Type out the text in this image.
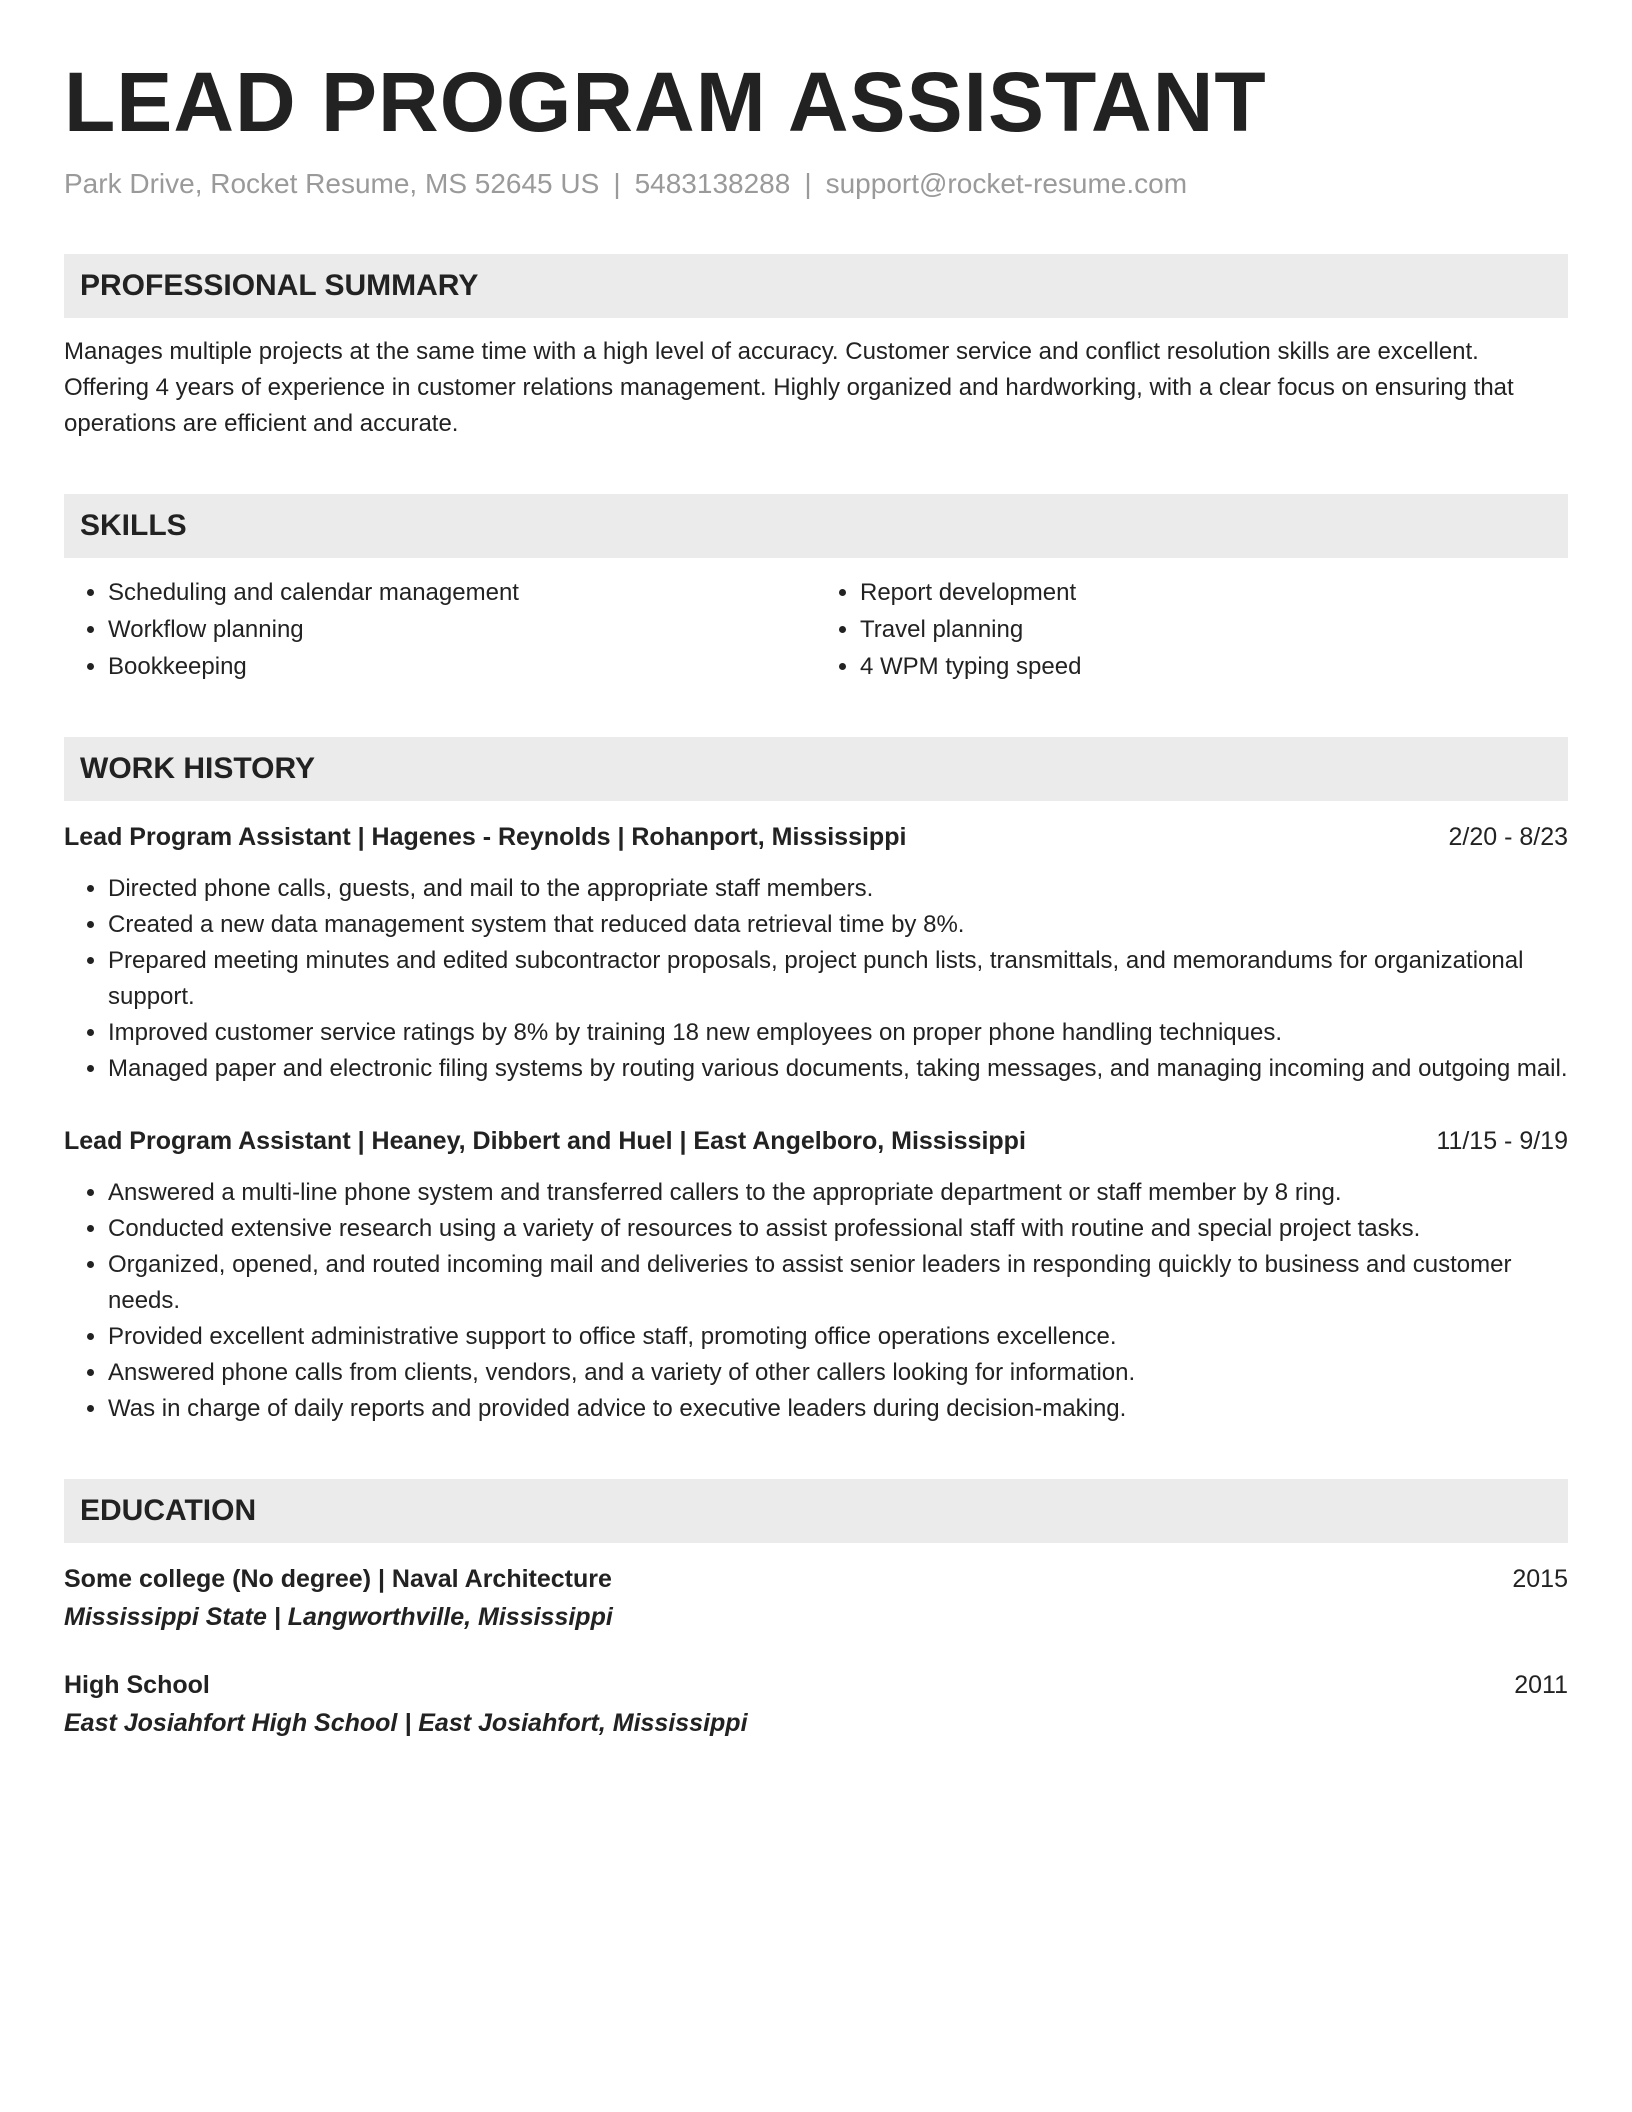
LEAD PROGRAM ASSISTANT
Park Drive, Rocket Resume, MS 52645 US | 5483138288 | support@rocket-resume.com
PROFESSIONAL SUMMARY
Manages multiple projects at the same time with a high level of accuracy. Customer service and conflict resolution skills are excellent. Offering 4 years of experience in customer relations management. Highly organized and hardworking, with a clear focus on ensuring that operations are efficient and accurate.
SKILLS
• Scheduling and calendar management
• Workflow planning
• Bookkeeping
• Report development
• Travel planning
• 4 WPM typing speed
WORK HISTORY
Lead Program Assistant | Hagenes - Reynolds | Rohanport, Mississippi	2/20 - 8/23
• Directed phone calls, guests, and mail to the appropriate staff members.
• Created a new data management system that reduced data retrieval time by 8%.
• Prepared meeting minutes and edited subcontractor proposals, project punch lists, transmittals, and memorandums for organizational support.
• Improved customer service ratings by 8% by training 18 new employees on proper phone handling techniques.
• Managed paper and electronic filing systems by routing various documents, taking messages, and managing incoming and outgoing mail.
Lead Program Assistant | Heaney, Dibbert and Huel | East Angelboro, Mississippi	11/15 - 9/19
• Answered a multi-line phone system and transferred callers to the appropriate department or staff member by 8 ring.
• Conducted extensive research using a variety of resources to assist professional staff with routine and special project tasks.
• Organized, opened, and routed incoming mail and deliveries to assist senior leaders in responding quickly to business and customer needs.
• Provided excellent administrative support to office staff, promoting office operations excellence.
• Answered phone calls from clients, vendors, and a variety of other callers looking for information.
• Was in charge of daily reports and provided advice to executive leaders during decision-making.
EDUCATION
Some college (No degree) | Naval Architecture	2015
Mississippi State | Langworthville, Mississippi
High School	2011
East Josiahfort High School | East Josiahfort, Mississippi
